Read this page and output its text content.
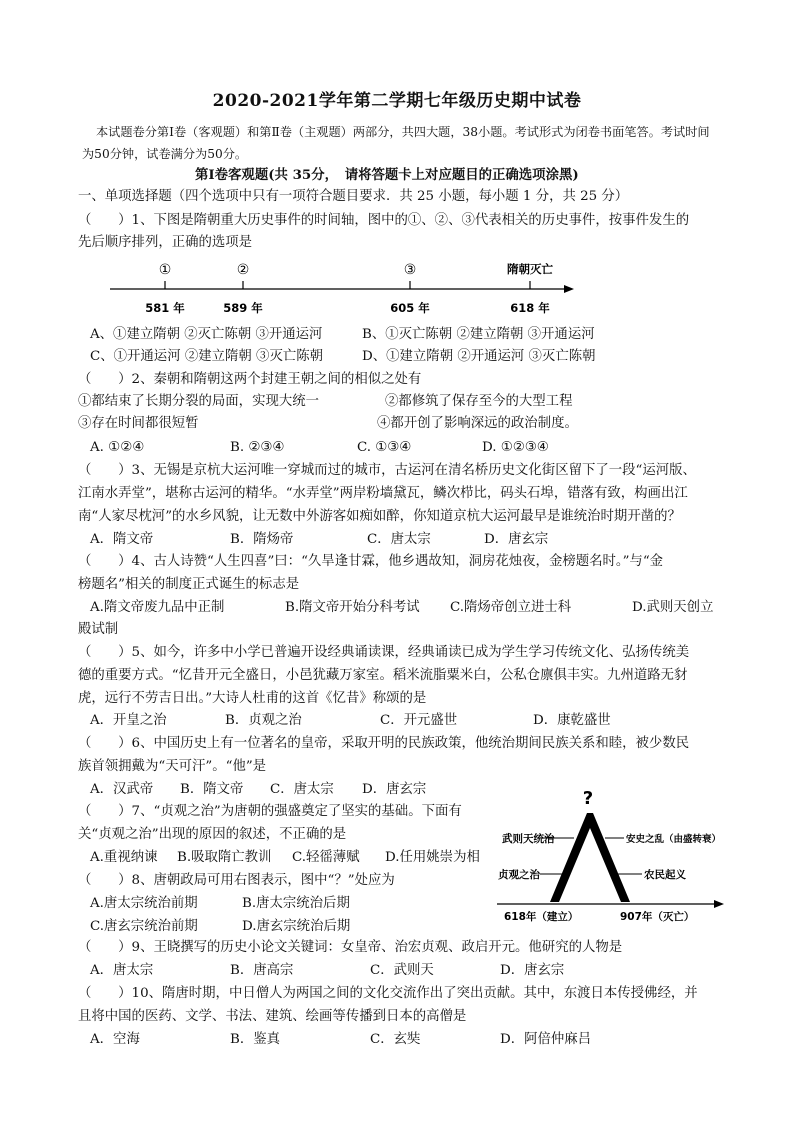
2020-2021学年第二学期七年级历史期中试卷
本试题卷分第Ⅰ卷（客观题）和第Ⅱ卷（主观题）两部分，共四大题，38小题。考试形式为闭卷书面笔答。考试时间
为50分钟，试卷满分为50分。
第Ⅰ卷客观题(共 35分，　请将答题卡上对应题目的正确选项涂黑)
一、单项选择题（四个选项中只有一项符合题目要求．共 25 小题，每小题 1 分，共 25 分）
（　　）1、下图是隋朝重大历史事件的时间轴，图中的①、②、③代表相关的历史事件，按事件发生的
先后顺序排列，正确的选项是
①	②	③	隋朝灭亡
581 年	589 年	605 年	618 年
A、①建立隋朝 ②灭亡陈朝 ③开通运河	B、①灭亡陈朝 ②建立隋朝 ③开通运河
C、①开通运河 ②建立隋朝 ③灭亡陈朝	D、①建立隋朝 ②开通运河 ③灭亡陈朝
（　　）2、秦朝和隋朝这两个封建王朝之间的相似之处有
①都结束了长期分裂的局面，实现大统一	②都修筑了保存至今的大型工程
③存在时间都很短暂	④都开创了影响深远的政治制度。
A. ①②④	B. ②③④	C. ①③④	D. ①②③④
（　　）3、无锡是京杭大运河唯一穿城而过的城市，古运河在清名桥历史文化街区留下了一段“运河版、
江南水弄堂”，堪称古运河的精华。“水弄堂”两岸粉墙黛瓦，鳞次栉比，码头石埠，错落有致，构画出江
南“人家尽枕河”的水乡风貌，让无数中外游客如痴如醉，你知道京杭大运河最早是谁统治时期开凿的？
A．隋文帝	B．隋炀帝	C．唐太宗	D．唐玄宗
（　　）4、古人诗赞“人生四喜”曰：“久旱逢甘霖，他乡遇故知，洞房花烛夜，金榜题名时。”与“金
榜题名”相关的制度正式诞生的标志是
A.隋文帝废九品中正制	B.隋文帝开始分科考试 C.隋炀帝创立进士科	D.武则天创立
殿试制
（　　）5、如今，许多中小学已普遍开设经典诵读课，经典诵读已成为学生学习传统文化、弘扬传统美
德的重要方式。“忆昔开元全盛日，小邑犹藏万家室。稻米流脂粟米白，公私仓廪俱丰实。九州道路无豺
虎，远行不劳吉日出。”大诗人杜甫的这首《忆昔》称颂的是
A．开皇之治	B．贞观之治	C．开元盛世	D．康乾盛世
（　　）6、中国历史上有一位著名的皇帝，采取开明的民族政策，他统治期间民族关系和睦，被少数民
族首领拥戴为“天可汗”。“他”是
A．汉武帝 B．隋文帝 C．唐太宗 D．唐玄宗
（　　）7、“贞观之治”为唐朝的强盛奠定了坚实的基础。下面有
关“贞观之治”出现的原因的叙述，不正确的是
A.重视纳谏 B.吸取隋亡教训 C.轻徭薄赋 D.任用姚崇为相
（　　）8、唐朝政局可用右图表示，图中“？”处应为
A.唐太宗统治前期	B.唐太宗统治后期
C.唐玄宗统治前期	D.唐玄宗统治后期
?
武则天统治
贞观之治
安史之乱（由盛转衰）
农民起义
618年（建立）	907年（灭亡）
（　　）9、王晓撰写的历史小论文关键词：女皇帝、治宏贞观、政启开元。他研究的人物是
A．唐太宗	B．唐高宗	C．武则天	D．唐玄宗
（　　）10、隋唐时期，中日僧人为两国之间的文化交流作出了突出贡献。其中，东渡日本传授佛经，并
且将中国的医药、文学、书法、建筑、绘画等传播到日本的高僧是
A．空海	B．鉴真	C．玄奘	D．阿倍仲麻吕
